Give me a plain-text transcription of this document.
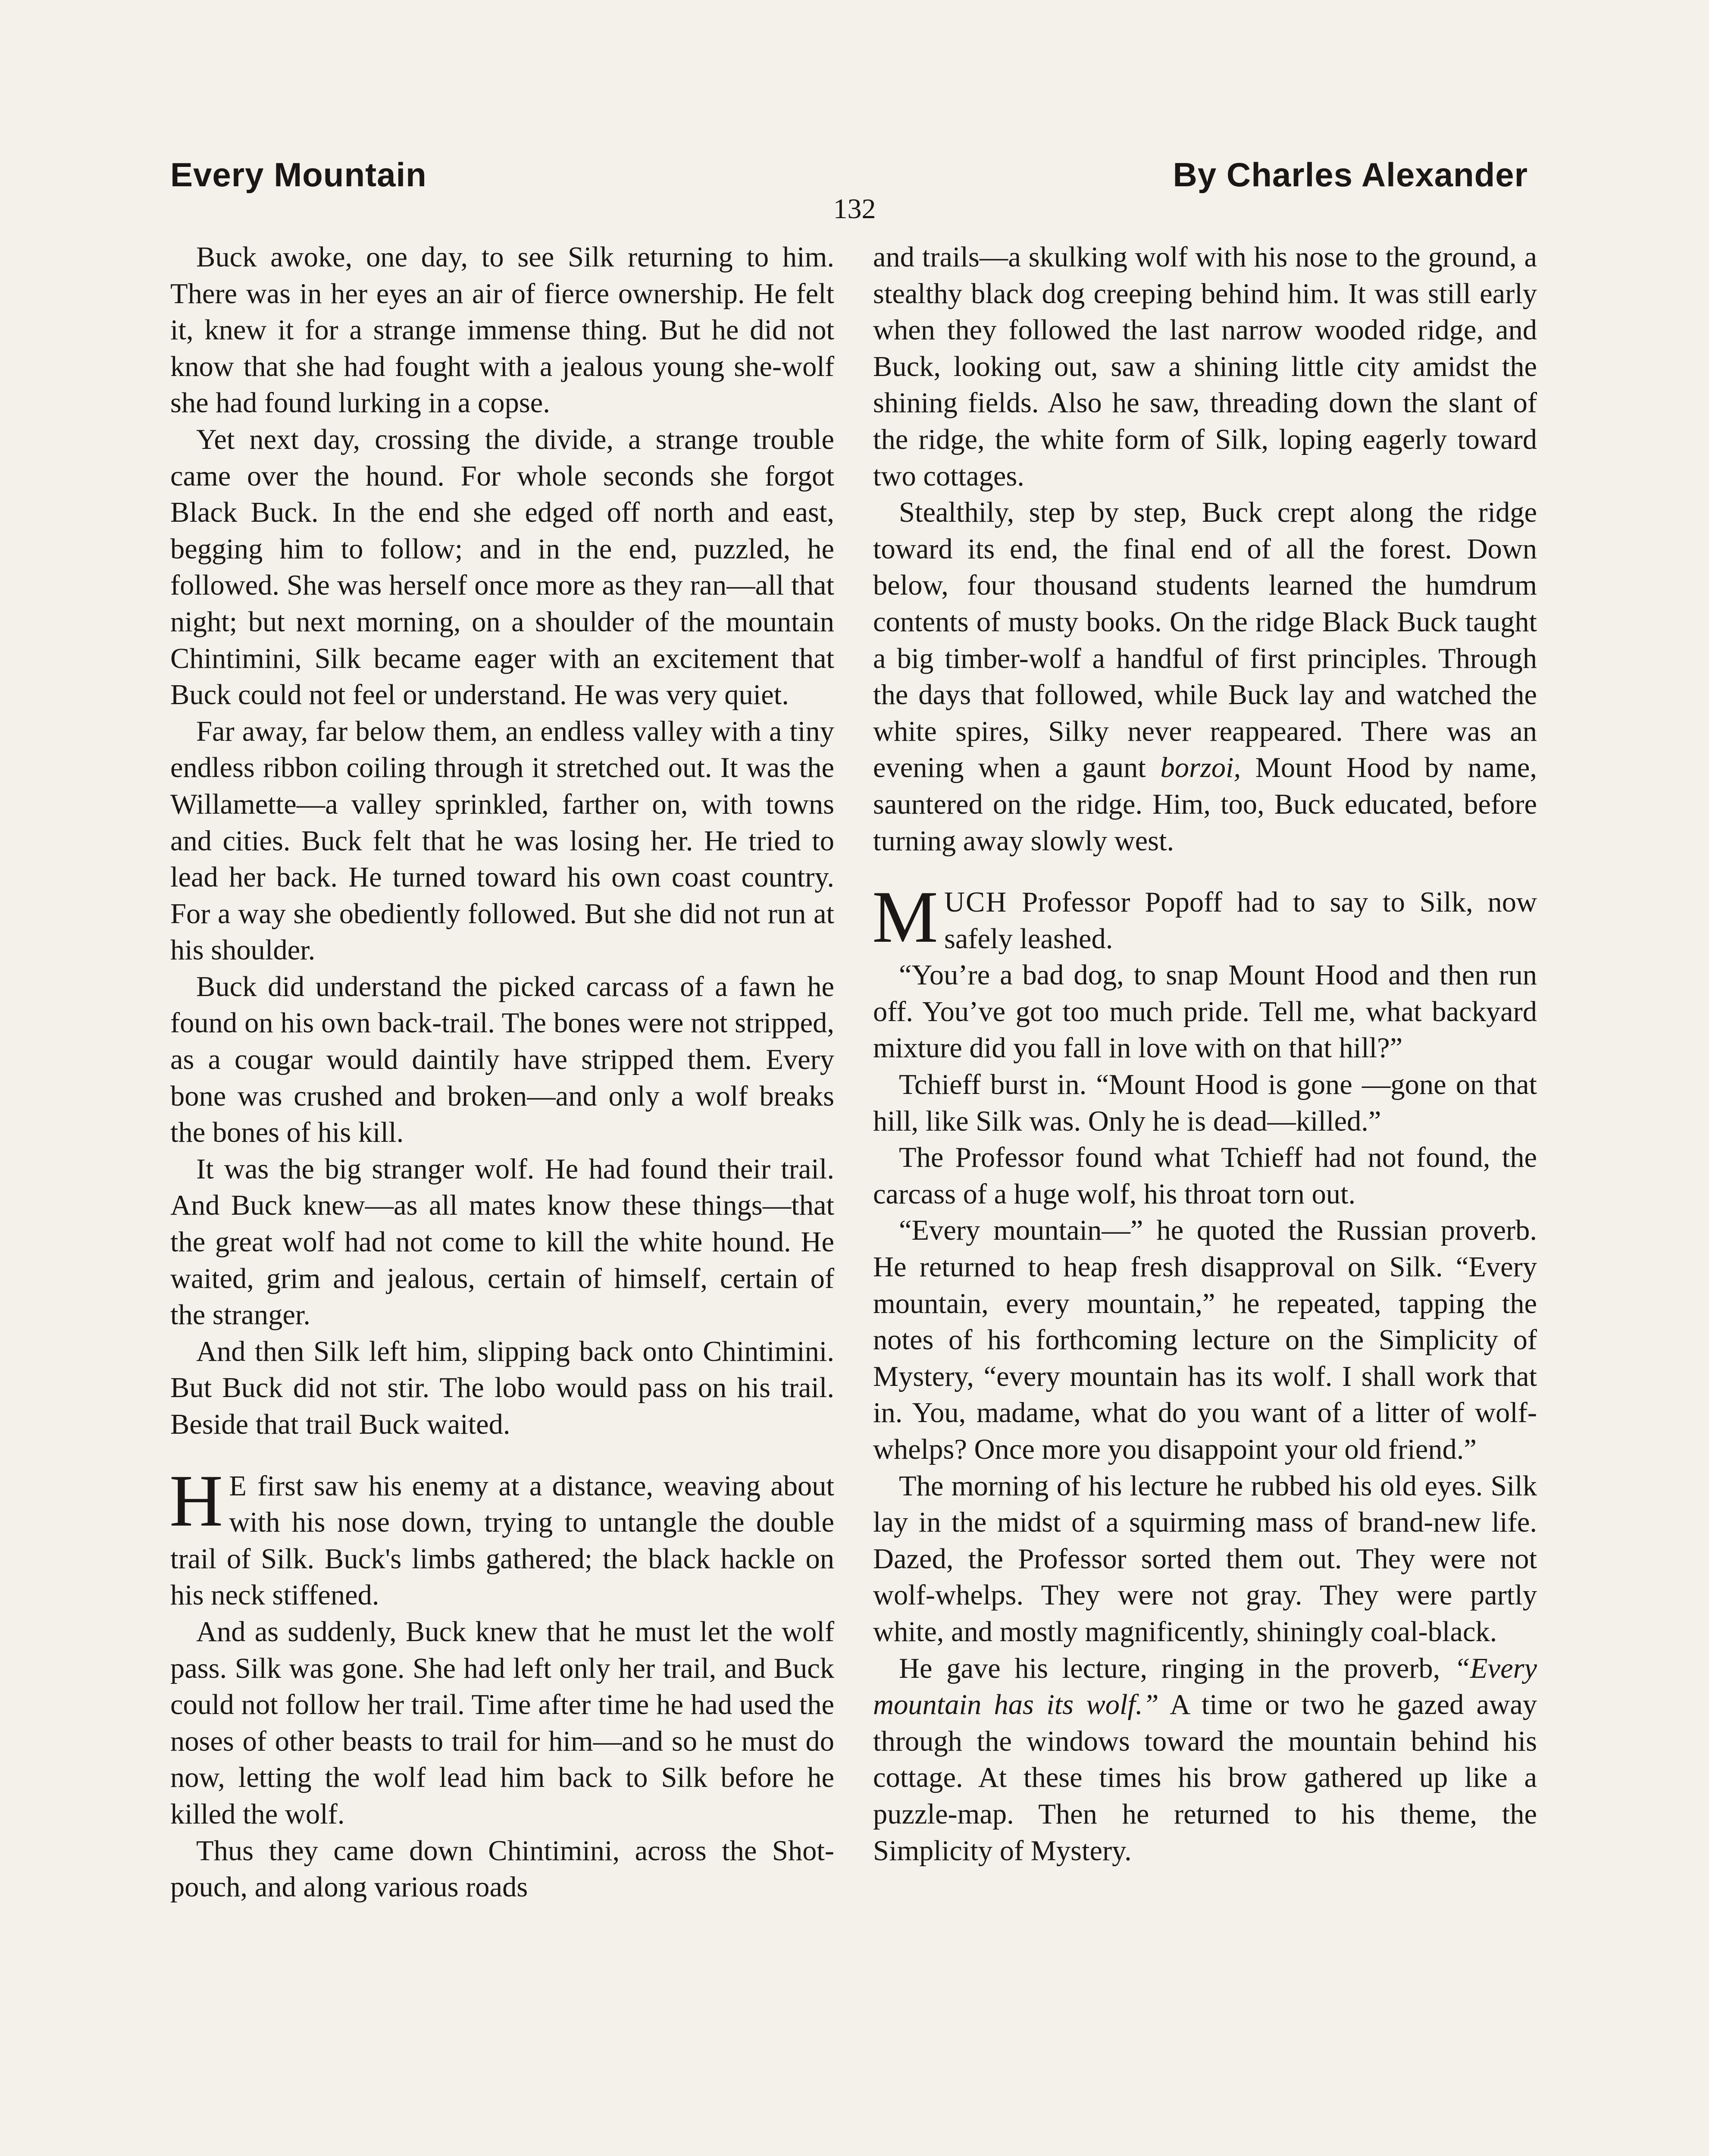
Every Mountain	By Charles Alexander
132

Buck awoke, one day, to see Silk returning to him. There was in her eyes an air of fierce ownership. He felt it, knew it for a strange immense thing. But he did not know that she had fought with a jealous young she-wolf she had found lurking in a copse.

Yet next day, crossing the divide, a strange trouble came over the hound. For whole seconds she forgot Black Buck. In the end she edged off north and east, begging him to follow; and in the end, puzzled, he followed. She was herself once more as they ran—all that night; but next morning, on a shoulder of the mountain Chintimini, Silk became eager with an excitement that Buck could not feel or understand. He was very quiet.

Far away, far below them, an endless valley with a tiny endless ribbon coiling through it stretched out. It was the Willamette—a valley sprinkled, farther on, with towns and cities. Buck felt that he was losing her. He tried to lead her back. He turned toward his own coast country. For a way she obediently followed. But she did not run at his shoulder.

Buck did understand the picked carcass of a fawn he found on his own back-trail. The bones were not stripped, as a cougar would daintily have stripped them. Every bone was crushed and broken—and only a wolf breaks the bones of his kill.

It was the big stranger wolf. He had found their trail. And Buck knew—as all mates know these things—that the great wolf had not come to kill the white hound. He waited, grim and jealous, certain of himself, certain of the stranger.

And then Silk left him, slipping back onto Chintimini. But Buck did not stir. The lobo would pass on his trail. Beside that trail Buck waited.

H E first saw his enemy at a distance, weaving about with his nose down, trying to untangle the double trail of Silk. Buck's limbs gathered; the black hackle on his neck stiffened.

And as suddenly, Buck knew that he must let the wolf pass. Silk was gone. She had left only her trail, and Buck could not follow her trail. Time after time he had used the noses of other beasts to trail for him—and so he must do now, letting the wolf lead him back to Silk before he killed the wolf.

Thus they came down Chintimini, across the Shot-pouch, and along various roads

and trails—a skulking wolf with his nose to the ground, a stealthy black dog creeping behind him. It was still early when they followed the last narrow wooded ridge, and Buck, looking out, saw a shining little city amidst the shining fields. Also he saw, threading down the slant of the ridge, the white form of Silk, loping eagerly toward two cottages.

Stealthily, step by step, Buck crept along the ridge toward its end, the final end of all the forest. Down below, four thousand students learned the humdrum contents of musty books. On the ridge Black Buck taught a big timber-wolf a handful of first principles. Through the days that followed, while Buck lay and watched the white spires, Silky never reappeared. There was an evening when a gaunt borzoi, Mount Hood by name, sauntered on the ridge. Him, too, Buck educated, before turning away slowly west.

MUCH Professor Popoff had to say to Silk, now safely leashed.

“You’re a bad dog, to snap Mount Hood and then run off. You’ve got too much pride. Tell me, what backyard mixture did you fall in love with on that hill?”

Tchieff burst in. “Mount Hood is gone —gone on that hill, like Silk was. Only he is dead—killed.”

The Professor found what Tchieff had not found, the carcass of a huge wolf, his throat torn out.

“Every mountain—” he quoted the Russian proverb. He returned to heap fresh disapproval on Silk. “Every mountain, every mountain,” he repeated, tapping the notes of his forthcoming lecture on the Simplicity of Mystery, “every mountain has its wolf. I shall work that in. You, madame, what do you want of a litter of wolf-whelps? Once more you disappoint your old friend.”

The morning of his lecture he rubbed his old eyes. Silk lay in the midst of a squirming mass of brand-new life. Dazed, the Professor sorted them out. They were not wolf-whelps. They were not gray. They were partly white, and mostly magnificently, shiningly coal-black.

He gave his lecture, ringing in the proverb, “Every mountain has its wolf.” A time or two he gazed away through the windows toward the mountain behind his cottage. At these times his brow gathered up like a puzzle-map. Then he returned to his theme, the Simplicity of Mystery.
